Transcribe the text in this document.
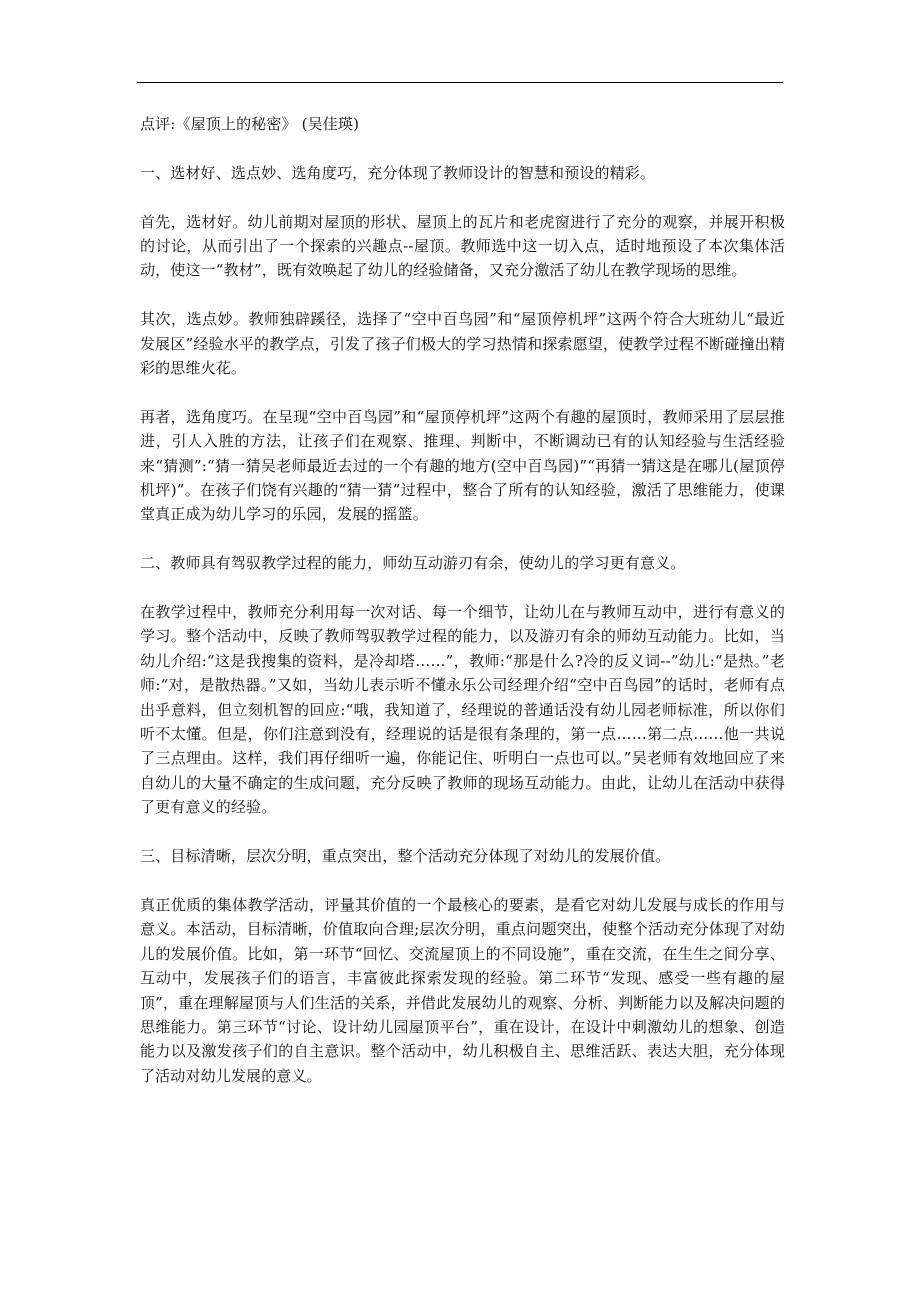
点评:《屋顶上的秘密》 (吴佳瑛)

一、选材好、选点妙、选角度巧，充分体现了教师设计的智慧和预设的精彩。

首先，选材好。幼儿前期对屋顶的形状、屋顶上的瓦片和老虎窗进行了充分的观察，并展开积极的讨论，从而引出了一个探索的兴趣点--屋顶。教师选中这一切入点，适时地预设了本次集体活动，使这一“教材”，既有效唤起了幼儿的经验储备，又充分激活了幼儿在教学现场的思维。

其次，选点妙。教师独辟蹊径，选择了“空中百鸟园”和“屋顶停机坪”这两个符合大班幼儿“最近发展区”经验水平的教学点，引发了孩子们极大的学习热情和探索愿望，使教学过程不断碰撞出精彩的思维火花。

再者，选角度巧。在呈现“空中百鸟园”和“屋顶停机坪”这两个有趣的屋顶时，教师采用了层层推进，引人入胜的方法，让孩子们在观察、推理、判断中，不断调动已有的认知经验与生活经验来“猜测”:“猜一猜吴老师最近去过的一个有趣的地方(空中百鸟园)”“再猜一猜这是在哪儿(屋顶停机坪)”。在孩子们饶有兴趣的“猜一猜”过程中，整合了所有的认知经验，激活了思维能力，使课堂真正成为幼儿学习的乐园，发展的摇篮。

二、教师具有驾驭教学过程的能力，师幼互动游刃有余，使幼儿的学习更有意义。

在教学过程中，教师充分利用每一次对话、每一个细节，让幼儿在与教师互动中，进行有意义的学习。整个活动中，反映了教师驾驭教学过程的能力，以及游刃有余的师幼互动能力。比如，当幼儿介绍:“这是我搜集的资料，是冷却塔……”，教师:“那是什么?冷的反义词--”幼儿:“是热。”老师:“对，是散热器。”又如，当幼儿表示听不懂永乐公司经理介绍“空中百鸟园”的话时，老师有点出乎意料，但立刻机智的回应:“哦，我知道了，经理说的普通话没有幼儿园老师标准，所以你们听不太懂。但是，你们注意到没有，经理说的话是很有条理的，第一点……第二点……他一共说了三点理由。这样，我们再仔细听一遍，你能记住、听明白一点也可以。”吴老师有效地回应了来自幼儿的大量不确定的生成问题，充分反映了教师的现场互动能力。由此，让幼儿在活动中获得了更有意义的经验。

三、目标清晰，层次分明，重点突出，整个活动充分体现了对幼儿的发展价值。

真正优质的集体教学活动，评量其价值的一个最核心的要素，是看它对幼儿发展与成长的作用与意义。本活动，目标清晰，价值取向合理;层次分明，重点问题突出，使整个活动充分体现了对幼儿的发展价值。比如，第一环节“回忆、交流屋顶上的不同设施”，重在交流，在生生之间分享、互动中，发展孩子们的语言，丰富彼此探索发现的经验。第二环节“发现、感受一些有趣的屋顶”，重在理解屋顶与人们生活的关系，并借此发展幼儿的观察、分析、判断能力以及解决问题的思维能力。第三环节“讨论、设计幼儿园屋顶平台”，重在设计，在设计中刺激幼儿的想象、创造能力以及激发孩子们的自主意识。整个活动中，幼儿积极自主、思维活跃、表达大胆，充分体现了活动对幼儿发展的意义。
